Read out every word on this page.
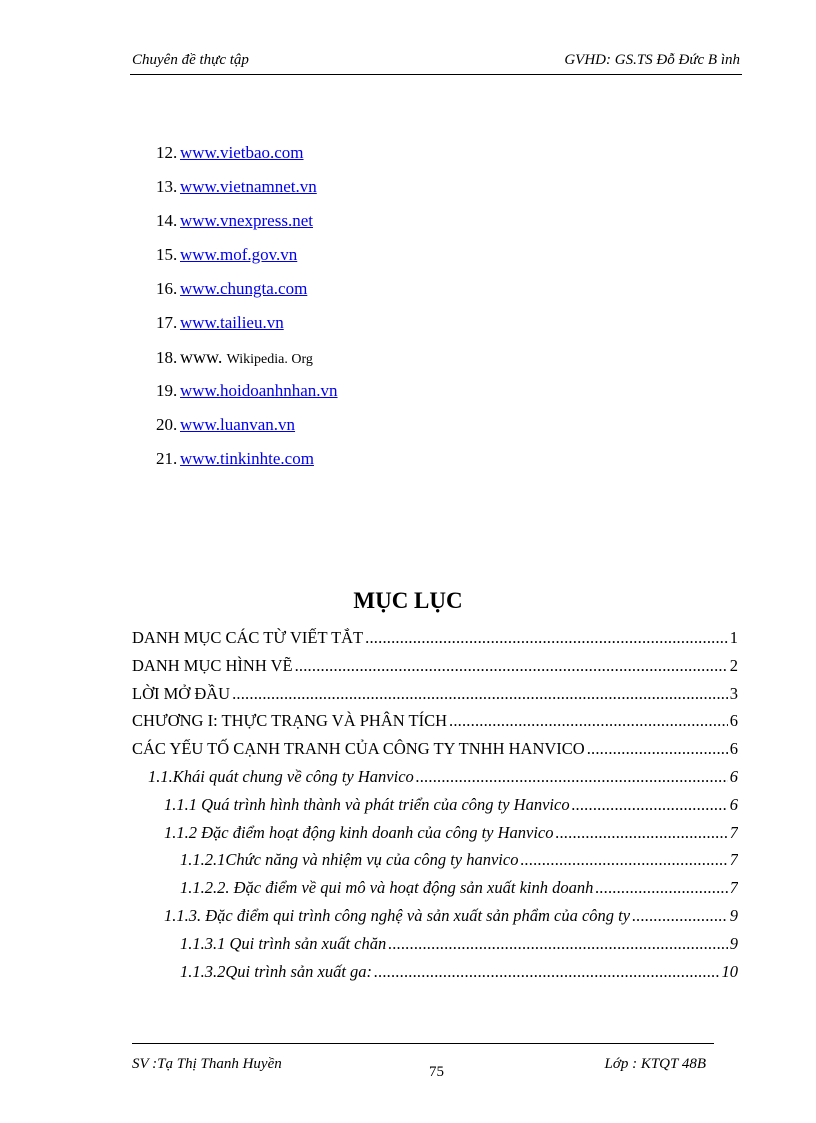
Chuyên đề thực tập	GVHD: GS.TS Đỗ Đức B ình
12. www.vietbao.com
13. www.vietnamnet.vn
14. www.vnexpress.net
15. www.mof.gov.vn
16. www.chungta.com
17. www.tailieu.vn
18. www. Wikipedia. Org
19. www.hoidoanhnhan.vn
20. www.luanvan.vn
21. www.tinkinhte.com
MỤC LỤC
DANH MỤC CÁC TỪ VIẾT TẮT .....	1
DANH MỤC HÌNH VẼ .....	2
LỜI MỞ ĐẦU .....	3
CHƯƠNG I: THỰC TRẠNG VÀ PHÂN TÍCH .....	6
CÁC YẾU TỐ CẠNH TRANH CỦA CÔNG TY TNHH HANVICO .....	6
1.1.Khái quát chung về công ty Hanvico .....	6
1.1.1 Quá trình hình thành và phát triển của công ty Hanvico .....	6
1.1.2 Đặc điểm hoạt động kinh doanh của công ty Hanvico .....	7
1.1.2.1Chức năng và nhiệm vụ của công ty hanvico .....	7
1.1.2.2. Đặc điểm về qui mô và hoạt động sản xuất kinh doanh .....	7
1.1.3. Đặc điểm qui trình công nghệ và sản xuất sản phẩm của công ty .....	9
1.1.3.1 Qui trình sản xuất chăn .....	9
1.1.3.2Qui trình sản xuất ga: .....	10
SV :Tạ Thị Thanh Huyền	75	Lớp : KTQT 48B
